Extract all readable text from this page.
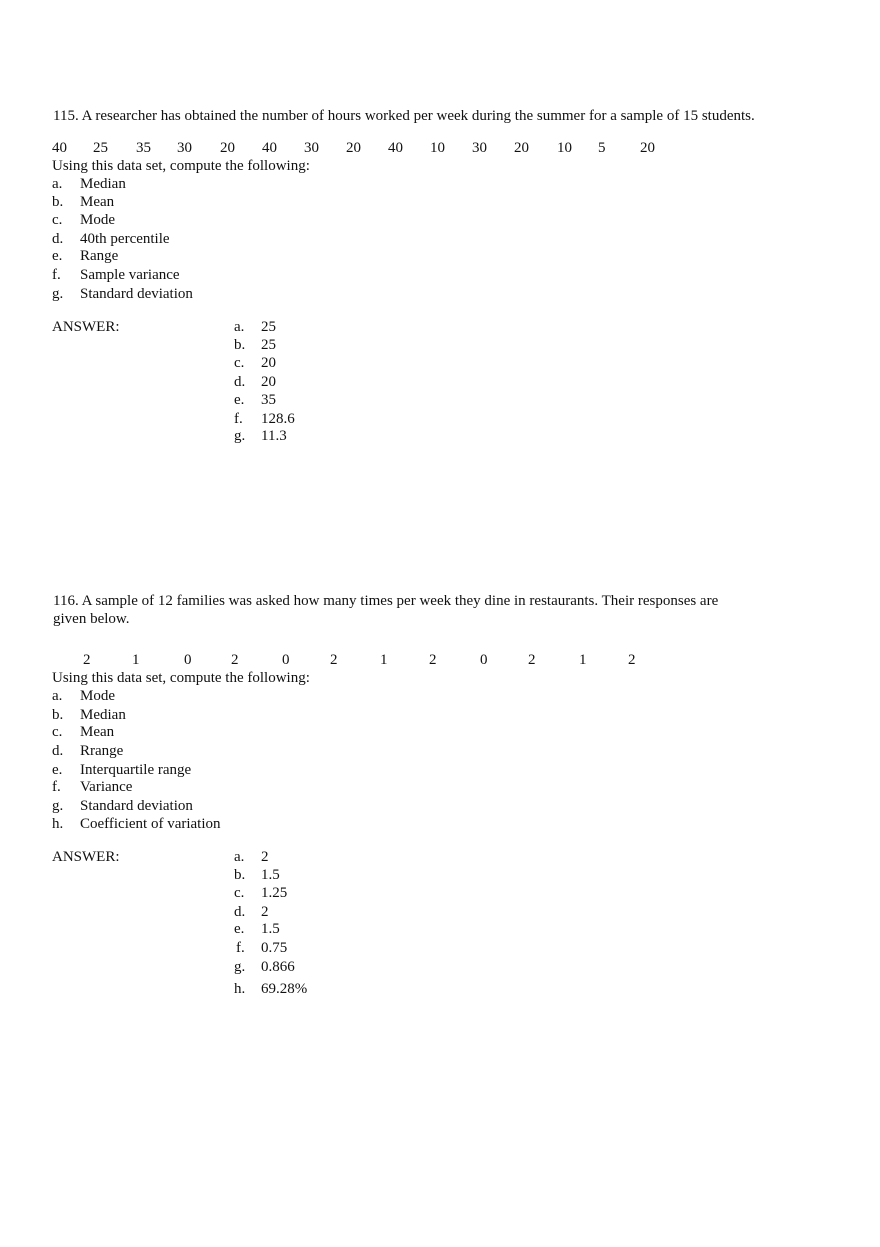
115. A researcher has obtained the number of hours worked per week during the summer for a sample of 15 students.
40 25 35 30 20 40 30 20 40 10 30 20 10 5 20
Using this data set, compute the following:
a. Median
b. Mean
c. Mode
d. 40th percentile
e. Range
f. Sample variance
g. Standard deviation
ANSWER:	a. 25
b. 25
c. 20
d. 20
e. 35
f. 128.6
g. 11.3
116. A sample of 12 families was asked how many times per week they dine in restaurants. Their responses are
given below.
2	1	0	2	0	2	1	2	0	2	1	2
Using this data set, compute the following:
a. Mode
b. Median
c. Mean
d. Rrange
e. Interquartile range
f. Variance
g. Standard deviation
h. Coefficient of variation
ANSWER:	a. 2
b. 1.5
c. 1.25
d. 2
e. 1.5
f. 0.75
g. 0.866
h. 69.28%
